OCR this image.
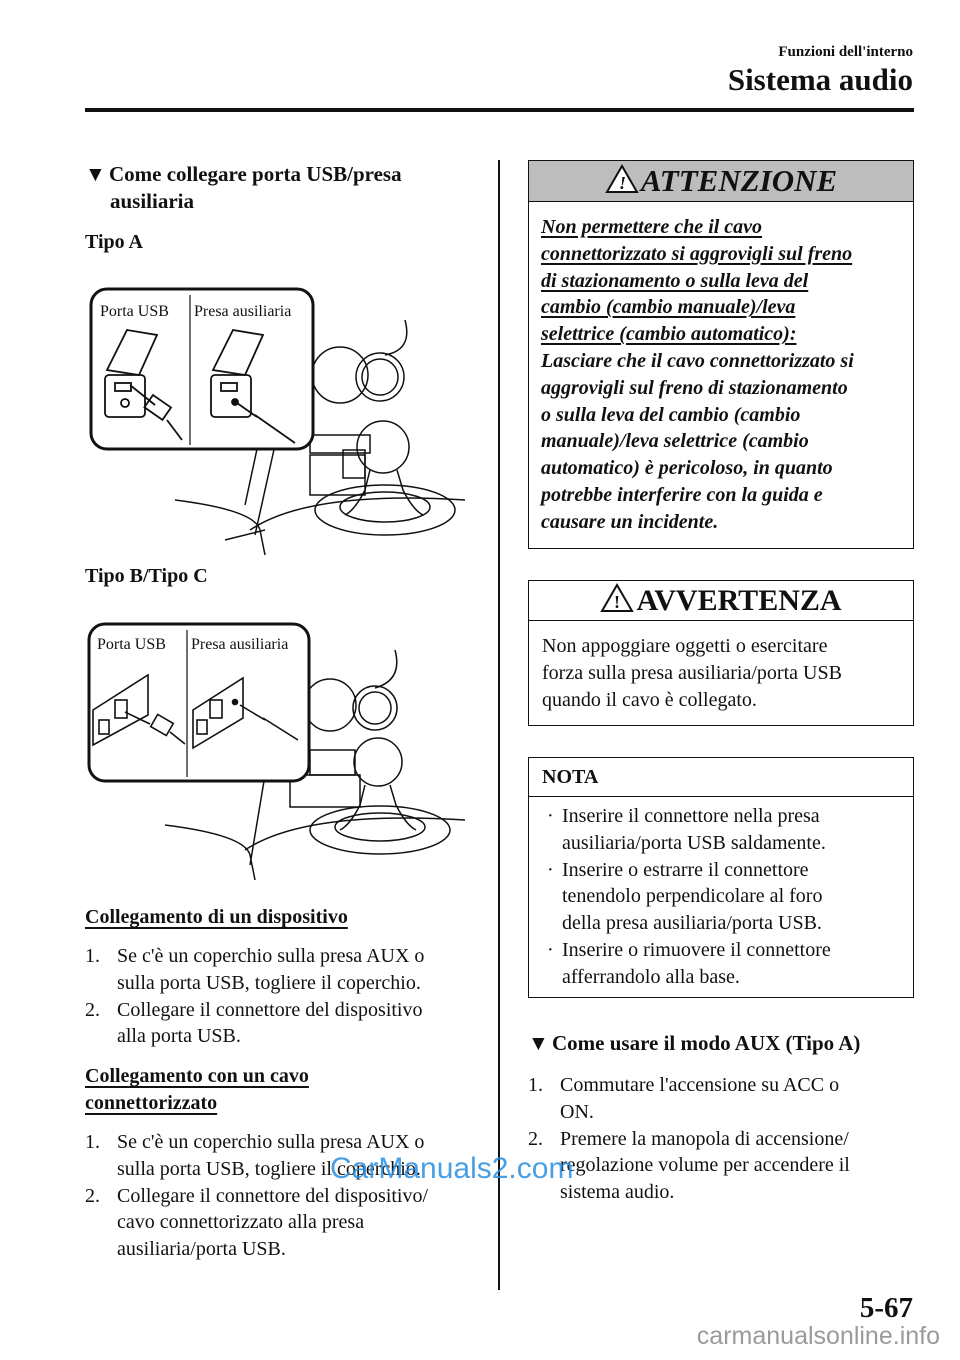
Funzioni dell'interno
Sistema audio
▼ Come collegare porta USB/presa
ausiliaria
Tipo A
Porta USB Presa ausiliaria
Tipo B/Tipo C
Porta USB Presa ausiliaria
Collegamento di un dispositivo
1. Se c'è un coperchio sulla presa AUX o
sulla porta USB, togliere il coperchio.
2. Collegare il connettore del dispositivo
alla porta USB.
Collegamento con un cavo
connettorizzato
1. Se c'è un coperchio sulla presa AUX o
sulla porta USB, togliere il coperchio.
2. Collegare il connettore del dispositivo/
cavo connettorizzato alla presa
ausiliaria/porta USB.
! ATTENZIONE
Non permettere che il cavo
connettorizzato si aggrovigli sul freno
di stazionamento o sulla leva del
cambio (cambio manuale)/leva
selettrice (cambio automatico):
Lasciare che il cavo connettorizzato si
aggrovigli sul freno di stazionamento
o sulla leva del cambio (cambio
manuale)/leva selettrice (cambio
automatico) è pericoloso, in quanto
potrebbe interferire con la guida e
causare un incidente.
! AVVERTENZA
Non appoggiare oggetti o esercitare
forza sulla presa ausiliaria/porta USB
quando il cavo è collegato.
NOTA
· Inserire il connettore nella presa
ausiliaria/porta USB saldamente.
· Inserire o estrarre il connettore
tenendolo perpendicolare al foro
della presa ausiliaria/porta USB.
· Inserire o rimuovere il connettore
afferrandolo alla base.
▼ Come usare il modo AUX (Tipo A)
1. Commutare l'accensione su ACC o
ON.
2. Premere la manopola di accensione/
regolazione volume per accendere il
sistema audio.
5-67
CarManuals2.com
carmanualsonline.info
